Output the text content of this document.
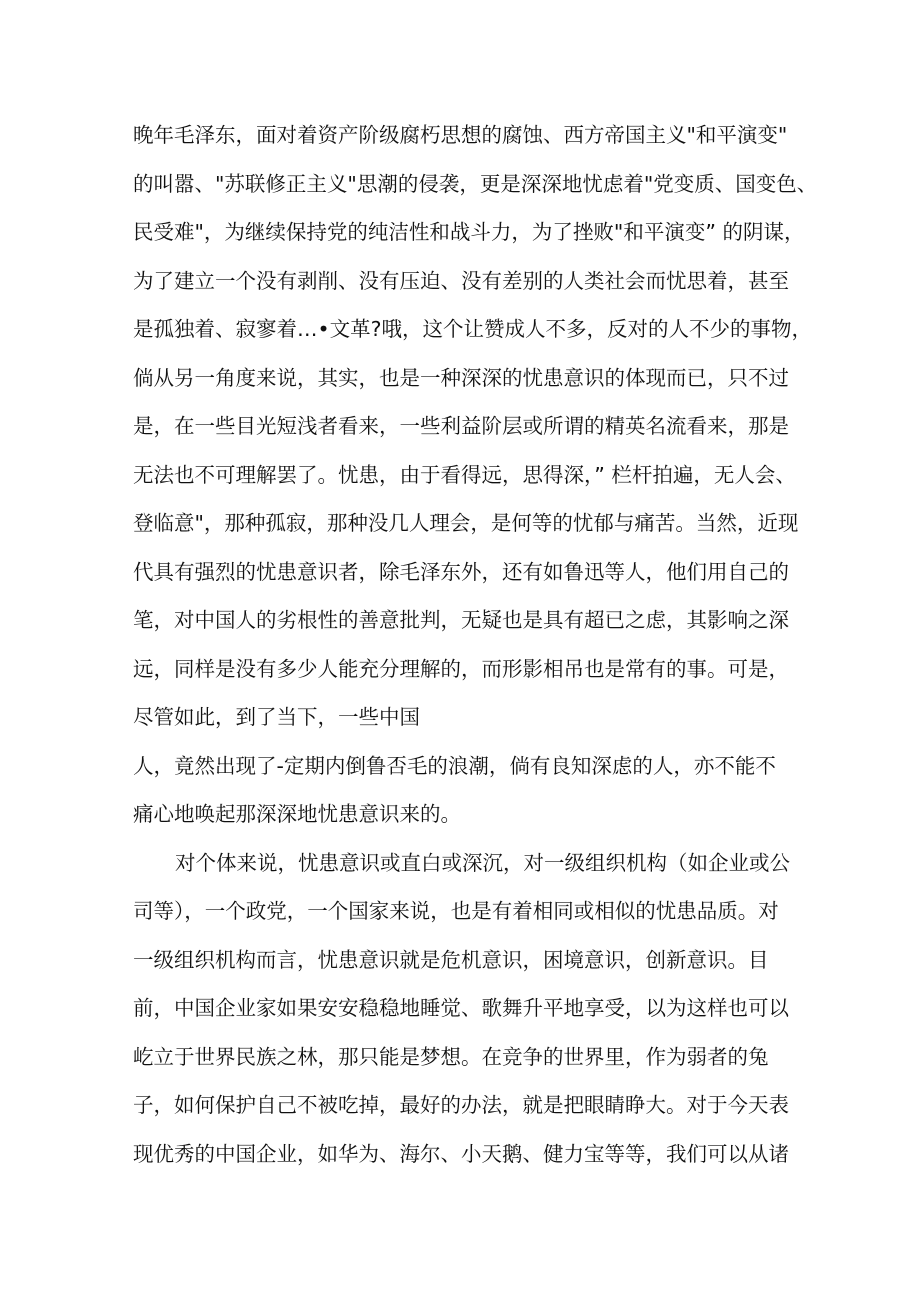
晚年毛泽东，面对着资产阶级腐朽思想的腐蚀、西方帝国主义"和平演变"
的叫嚣、"苏联修正主义"思潮的侵袭，更是深深地忧虑着"党变质、国变色、
民受难"，为继续保持党的纯洁性和战斗力，为了挫败"和平演变” 的阴谋，
为了建立一个没有剥削、没有压迫、没有差别的人类社会而忧思着，甚至
是孤独着、寂寥着…•文革?哦，这个让赞成人不多，反对的人不少的事物，
倘从另一角度来说，其实，也是一种深深的忧患意识的体现而已，只不过
是，在一些目光短浅者看来，一些利益阶层或所谓的精英名流看来，那是
无法也不可理解罢了。忧患，由于看得远，思得深，” 栏杆拍遍，无人会、
登临意"，那种孤寂，那种没几人理会，是何等的忧郁与痛苦。当然，近现
代具有强烈的忧患意识者，除毛泽东外，还有如鲁迅等人，他们用自己的
笔，对中国人的劣根性的善意批判，无疑也是具有超已之虑，其影响之深
远，同样是没有多少人能充分理解的，而形影相吊也是常有的事。可是，
尽管如此，到了当下，一些中国
人，竟然出现了-定期内倒鲁否毛的浪潮，倘有良知深虑的人，亦不能不
痛心地唤起那深深地忧患意识来的。
对个体来说，忧患意识或直白或深沉，对一级组织机构（如企业或公
司等），一个政党，一个国家来说，也是有着相同或相似的忧患品质。对
一级组织机构而言，忧患意识就是危机意识，困境意识，创新意识。目
前，中国企业家如果安安稳稳地睡觉、歌舞升平地享受，以为这样也可以
屹立于世界民族之林，那只能是梦想。在竞争的世界里，作为弱者的兔
子，如何保护自己不被吃掉，最好的办法，就是把眼睛睁大。对于今天表
现优秀的中国企业，如华为、海尔、小天鹅、健力宝等等，我们可以从诸
